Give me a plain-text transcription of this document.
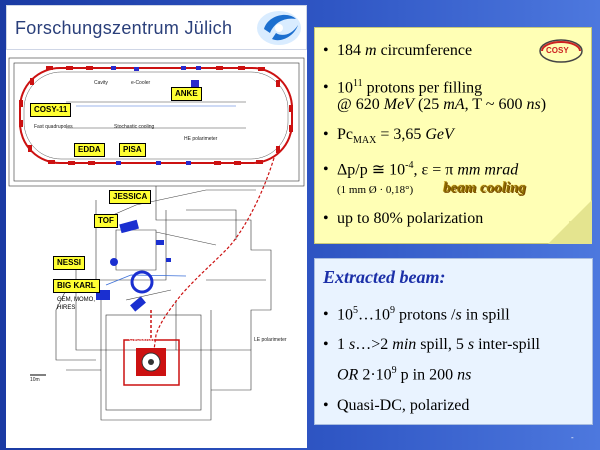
Forschungszentrum Jülich
COSY-11
ANKE
EDDA	PISA
JESSICA
TOF
NESSI
BIG KARL
GEM, MOMO,
HIRES
Cyclotron
Cavity	e-Cooler
Fast quadrupoles	Stochastic cooling
HE polarimeter
LE polarimeter
10m
COSY
• 184 m circumference
• $10^{11}$ protons per filling
@ 620 MeV (25 mA, T ~ 600 ns)
• $Pc_{MAX} = 3,65$ GeV
• Δp/p ≅ $10^{-4}$, ε = π mm mrad
(1 mm Ø · 0,18°) beam cooling
• up to 80% polarization
Extracted beam:
• $10^5\dots 10^9$ protons /s in spill
• 1 s…>2 min spill, 5 s inter-spill
OR $2\cdot 10^9$ p in 200 ns
• Quasi-DC, polarized
-
